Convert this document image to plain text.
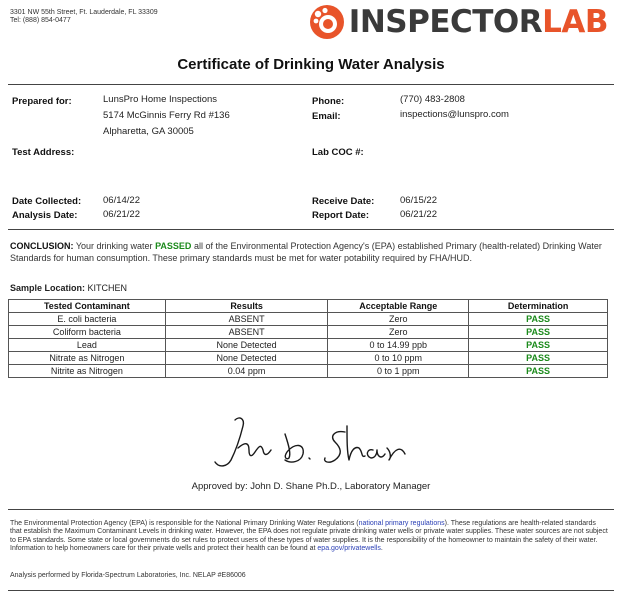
3301 NW 55th Street, Ft. Lauderdale, FL 33309
Tel: (888) 854-0477	INSPECTORLAB
Certificate of Drinking Water Analysis
Prepared for:	LunsPro Home Inspections
5174 McGinnis Ferry Rd #136
Alpharetta, GA 30005
Phone:	(770) 483-2808
Email:	inspections@lunspro.com
Test Address:	Lab COC #:
Date Collected: 06/14/22
Analysis Date:	06/21/22
Receive Date:	06/15/22
Report Date:	06/21/22
CONCLUSION: Your drinking water PASSED all of the Environmental Protection Agency's (EPA) established Primary (health-related) Drinking Water Standards for human consumption. These primary standards must be met for water potability required by FHA/HUD.
Sample Location: KITCHEN
Tested Contaminant	Results	Acceptable Range	Determination
E. coli bacteria	ABSENT	Zero	PASS
Coliform bacteria	ABSENT	Zero	PASS
Lead	None Detected	0 to 14.99 ppb	PASS
Nitrate as Nitrogen	None Detected	0 to 10 ppm	PASS
Nitrite as Nitrogen	0.04 ppm	0 to 1 ppm	PASS
Approved by: John D. Shane Ph.D., Laboratory Manager
The Environmental Protection Agency (EPA) is responsible for the National Primary Drinking Water Regulations (national primary regulations). These regulations are health-related standards that establish the Maximum Contaminant Levels in drinking water. However, the EPA does not regulate private drinking water wells or private water supplies. These water sources are not subject to EPA standards. Some state or local governments do set rules to protect users of these types of water supplies. It is the responsibility of the homeowner to maintain the safety of their water. Information to help homeowners care for their private wells and protect their health can be found at epa.gov/privatewells.
Analysis performed by Florida-Spectrum Laboratories, Inc. NELAP #E86006
